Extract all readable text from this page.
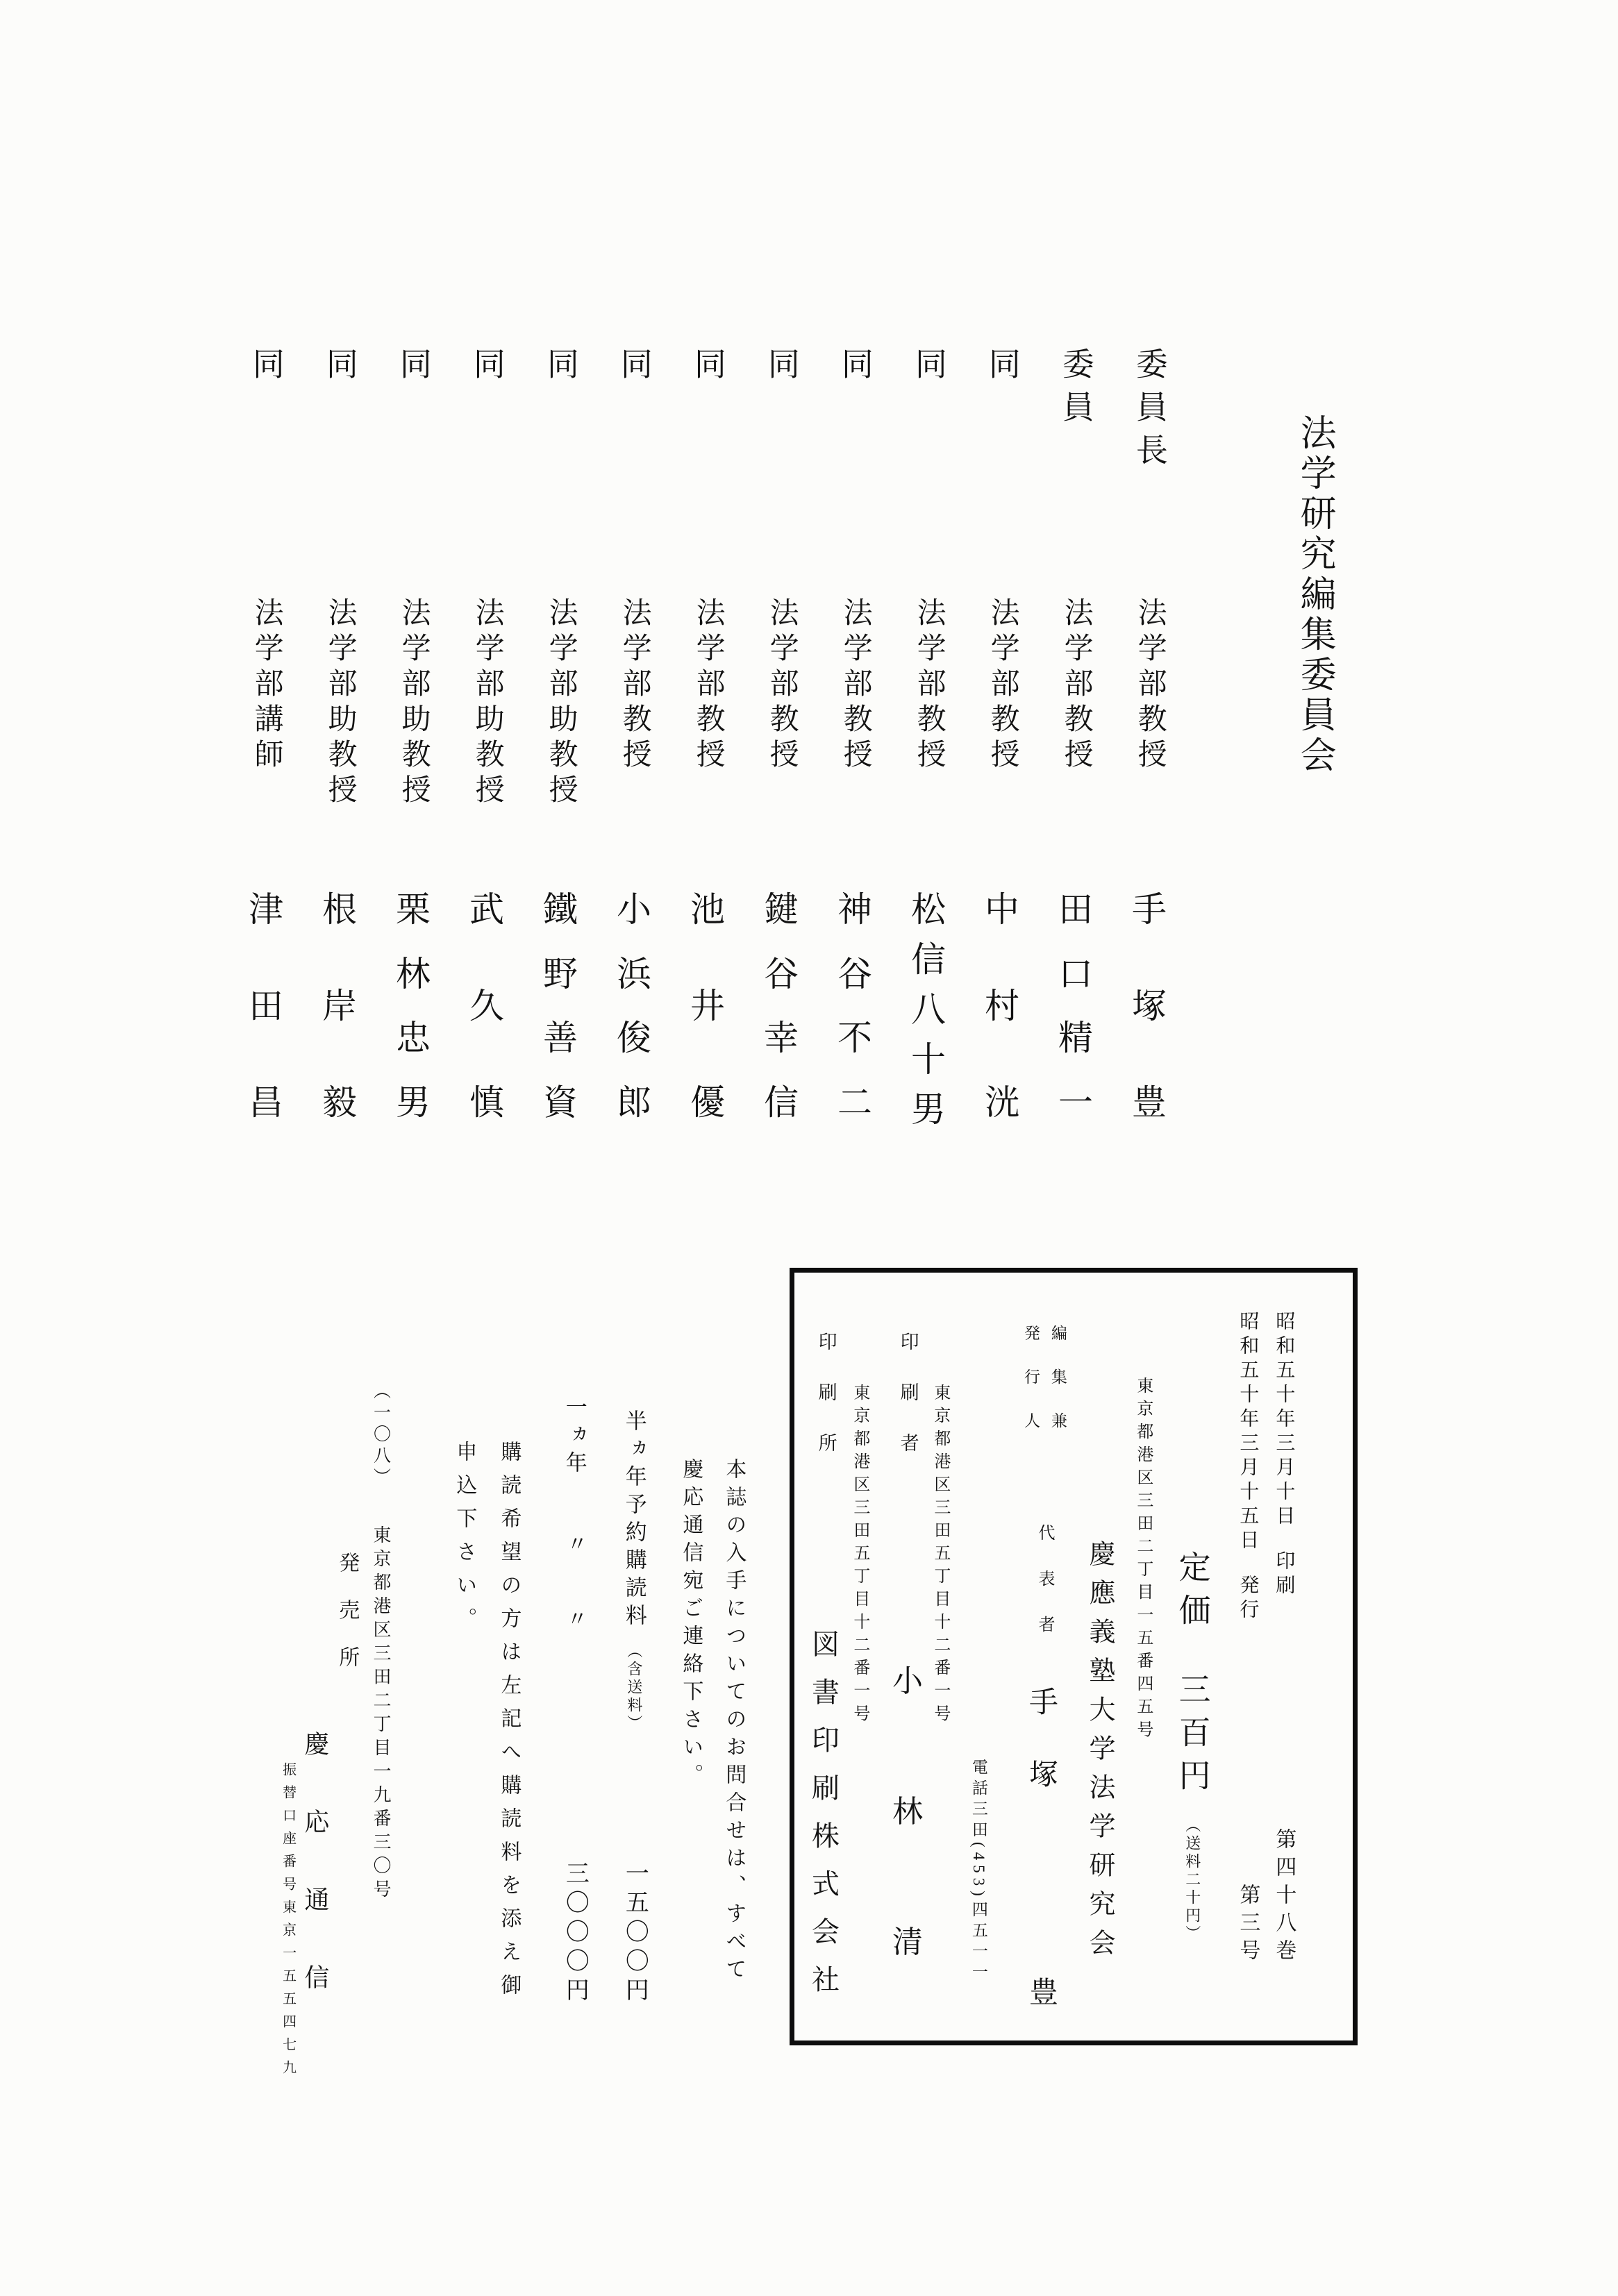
法学研究編集委員会
委員長
法学部教授
手
塚
豊
委員
法学部教授
田
口
精
一
同
法学部教授
中
村
洸
同
法学部教授
松
信
八
十
男
同
法学部教授
神
谷
不
二
同
法学部教授
鍵
谷
幸
信
同
法学部教授
池
井
優
同
法学部教授
小
浜
俊
郎
同
法学部助教授
鐵
野
善
資
同
法学部助教授
武
久
慎
同
法学部助教授
栗
林
忠
男
同
法学部助教授
根
岸
毅
同
法学部講師
津
田
昌
昭和五十年三月十日
印刷
第四十八巻
昭和五十年三月十五日
発行
第三号
定価
三百円
（送料二十円）
東京都港区三田二丁目一五番四五号
慶應義塾大学法学研究会
編集兼
発行人
代表者
手
塚
豊
電話三田(453)四五一一
東京都港区三田五丁目十二番一号
印刷者
小
林
清
東京都港区三田五丁目十二番一号
印刷所
図
書
印
刷
株
式
会
社
本誌の入手についてのお問合せは、すべて
慶応通信宛ご連絡下さい。
半ヵ年予約購読料
（含送料）
一五〇〇円
一ヵ年
〃
〃
三〇〇〇円
購読希望の方は左記へ購読料を添え御
申込下さい。
（一〇八）
東京都港区三田二丁目一九番三〇号
発売所
慶応通信
振替口座番号東京一五五四七九
